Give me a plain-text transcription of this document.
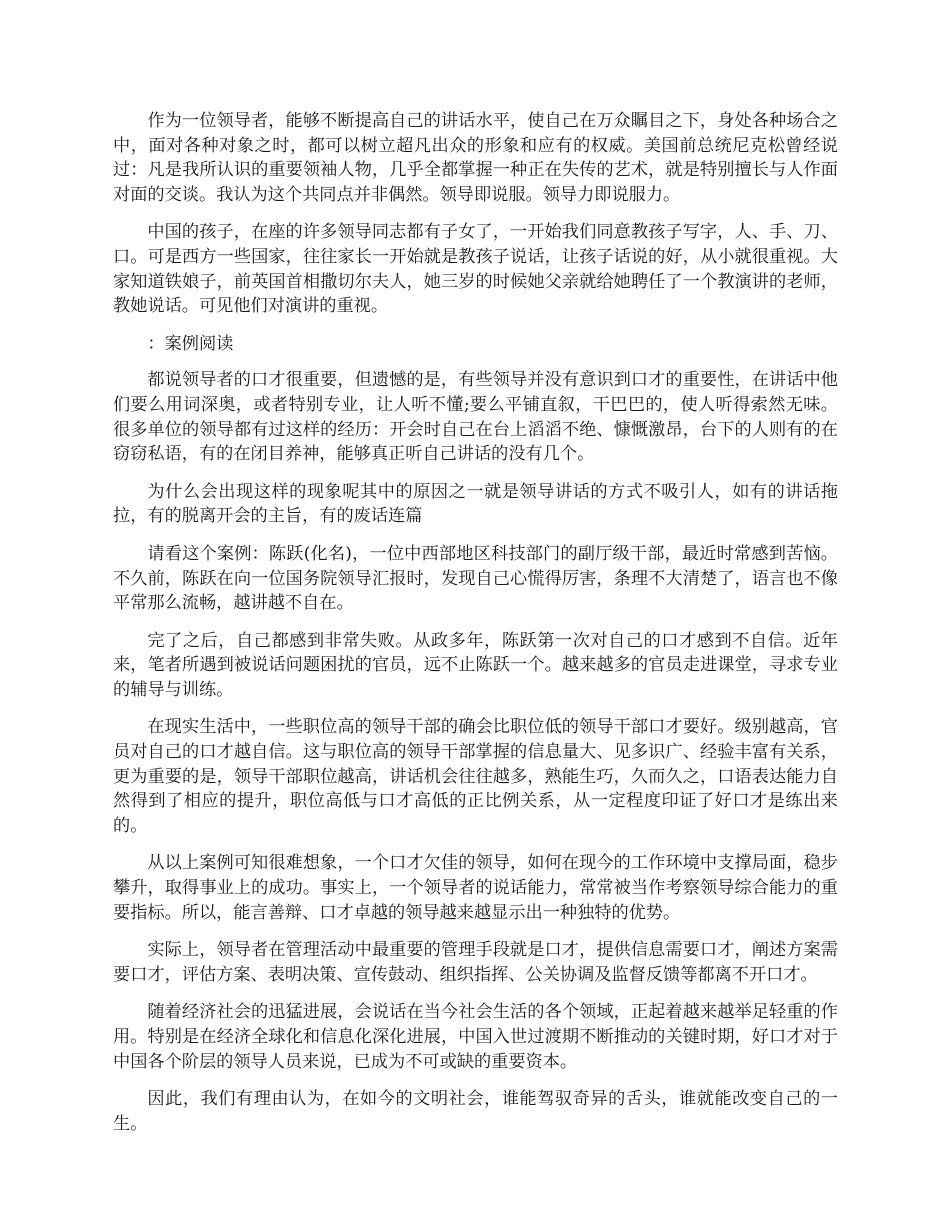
作为一位领导者，能够不断提高自己的讲话水平，使自己在万众瞩目之下，身处各种场合之中，面对各种对象之时，都可以树立超凡出众的形象和应有的权威。美国前总统尼克松曾经说过：凡是我所认识的重要领袖人物，几乎全都掌握一种正在失传的艺术，就是特别擅长与人作面对面的交谈。我认为这个共同点并非偶然。领导即说服。领导力即说服力。

中国的孩子，在座的许多领导同志都有子女了，一开始我们同意教孩子写字，人、手、刀、口。可是西方一些国家，往往家长一开始就是教孩子说话，让孩子话说的好，从小就很重视。大家知道铁娘子，前英国首相撒切尔夫人，她三岁的时候她父亲就给她聘任了一个教演讲的老师，教她说话。可见他们对演讲的重视。

：案例阅读

都说领导者的口才很重要，但遗憾的是，有些领导并没有意识到口才的重要性，在讲话中他们要么用词深奥，或者特别专业，让人听不懂;要么平铺直叙，干巴巴的，使人听得索然无味。很多单位的领导都有过这样的经历：开会时自己在台上滔滔不绝、慷慨激昂，台下的人则有的在窃窃私语，有的在闭目养神，能够真正听自己讲话的没有几个。

为什么会出现这样的现象呢其中的原因之一就是领导讲话的方式不吸引人，如有的讲话拖拉，有的脱离开会的主旨，有的废话连篇

请看这个案例：陈跃(化名)，一位中西部地区科技部门的副厅级干部，最近时常感到苦恼。不久前，陈跃在向一位国务院领导汇报时，发现自己心慌得厉害，条理不大清楚了，语言也不像平常那么流畅，越讲越不自在。

完了之后，自己都感到非常失败。从政多年，陈跃第一次对自己的口才感到不自信。近年来，笔者所遇到被说话问题困扰的官员，远不止陈跃一个。越来越多的官员走进课堂，寻求专业的辅导与训练。

在现实生活中，一些职位高的领导干部的确会比职位低的领导干部口才要好。级别越高，官员对自己的口才越自信。这与职位高的领导干部掌握的信息量大、见多识广、经验丰富有关系，更为重要的是，领导干部职位越高，讲话机会往往越多，熟能生巧，久而久之，口语表达能力自然得到了相应的提升，职位高低与口才高低的正比例关系，从一定程度印证了好口才是练出来的。

从以上案例可知很难想象，一个口才欠佳的领导，如何在现今的工作环境中支撑局面，稳步攀升，取得事业上的成功。事实上，一个领导者的说话能力，常常被当作考察领导综合能力的重要指标。所以，能言善辩、口才卓越的领导越来越显示出一种独特的优势。

实际上，领导者在管理活动中最重要的管理手段就是口才，提供信息需要口才，阐述方案需要口才，评估方案、表明决策、宣传鼓动、组织指挥、公关协调及监督反馈等都离不开口才。

随着经济社会的迅猛进展，会说话在当今社会生活的各个领域，正起着越来越举足轻重的作用。特别是在经济全球化和信息化深化进展，中国入世过渡期不断推动的关键时期，好口才对于中国各个阶层的领导人员来说，已成为不可或缺的重要资本。

因此，我们有理由认为，在如今的文明社会，谁能驾驭奇异的舌头，谁就能改变自己的一生。
